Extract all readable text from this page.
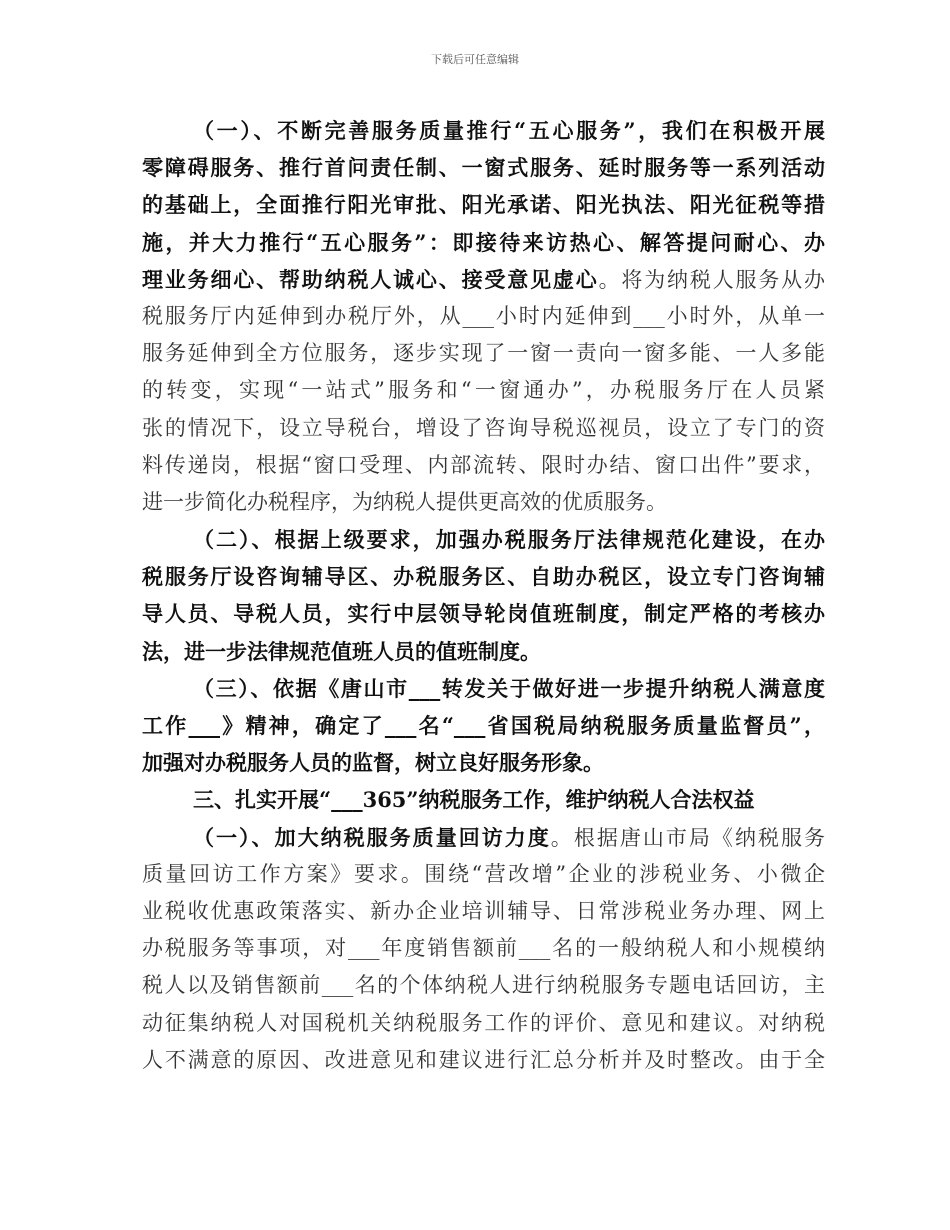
下载后可任意编辑
（一）、不断完善服务质量推行“五心服务”，我们在积极开展
零障碍服务、推行首问责任制、一窗式服务、延时服务等一系列活动
的基础上，全面推行阳光审批、阳光承诺、阳光执法、阳光征税等措
施，并大力推行“五心服务”：即接待来访热心、解答提问耐心、办
理业务细心、帮助纳税人诚心、接受意见虚心。将为纳税人服务从办
税服务厅内延伸到办税厅外，从___小时内延伸到___小时外，从单一
服务延伸到全方位服务，逐步实现了一窗一责向一窗多能、一人多能
的转变，实现“一站式”服务和“一窗通办”，办税服务厅在人员紧
张的情况下，设立导税台，增设了咨询导税巡视员，设立了专门的资
料传递岗，根据“窗口受理、内部流转、限时办结、窗口出件”要求，
进一步简化办税程序，为纳税人提供更高效的优质服务。
（二）、根据上级要求，加强办税服务厅法律规范化建设，在办
税服务厅设咨询辅导区、办税服务区、自助办税区，设立专门咨询辅
导人员、导税人员，实行中层领导轮岗值班制度，制定严格的考核办
法，进一步法律规范值班人员的值班制度。
（三）、依据《唐山市___转发关于做好进一步提升纳税人满意度
工作___》精神，确定了___名“___省国税局纳税服务质量监督员”，
加强对办税服务人员的监督，树立良好服务形象。
三、扎实开展“___365”纳税服务工作，维护纳税人合法权益
（一）、加大纳税服务质量回访力度。根据唐山市局《纳税服务
质量回访工作方案》要求。围绕“营改增”企业的涉税业务、小微企
业税收优惠政策落实、新办企业培训辅导、日常涉税业务办理、网上
办税服务等事项，对___年度销售额前___名的一般纳税人和小规模纳
税人以及销售额前___名的个体纳税人进行纳税服务专题电话回访，主
动征集纳税人对国税机关纳税服务工作的评价、意见和建议。对纳税
人不满意的原因、改进意见和建议进行汇总分析并及时整改。由于全
